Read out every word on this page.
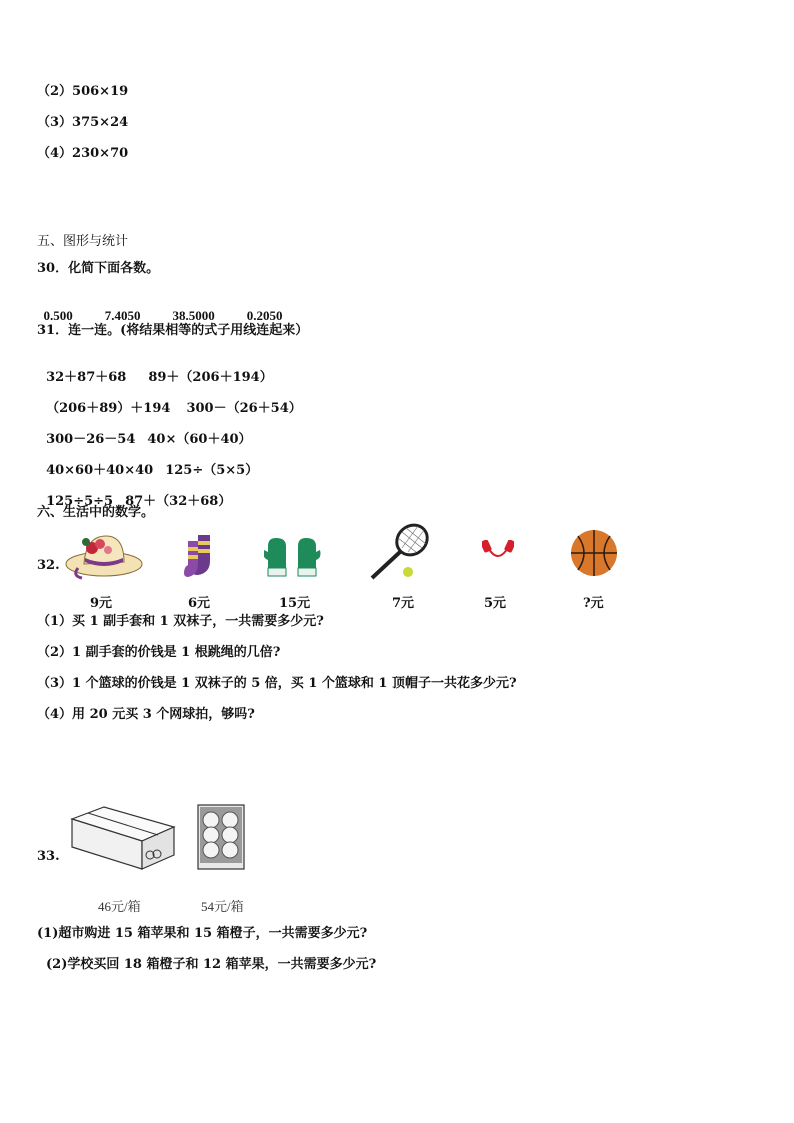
（2）506×19
（3）375×24
（4）230×70
五、图形与统计
30．化简下面各数。

0.500 7.4050 38.5000 0.2050

31．连一连。(将结果相等的式子用线连起来）

32＋87＋68 89＋（206＋194）

（206＋89）＋194 300－（26＋54）

300－26－54 40×（60＋40）

40×60＋40×40 125÷（5×5）

125÷5÷5 87＋（32＋68）

六、生活中的数学。
32.
9元	6元	15元	7元	5元	?元
（1）买 1 副手套和 1 双袜子，一共需要多少元?
（2）1 副手套的价钱是 1 根跳绳的几倍?
（3）1 个篮球的价钱是 1 双袜子的 5 倍，买 1 个篮球和 1 顶帽子一共花多少元?
（4）用 20 元买 3 个网球拍，够吗?
33.
46元/箱	54元/箱
(1)超市购进 15 箱苹果和 15 箱橙子，一共需要多少元?
(2)学校买回 18 箱橙子和 12 箱苹果，一共需要多少元?
